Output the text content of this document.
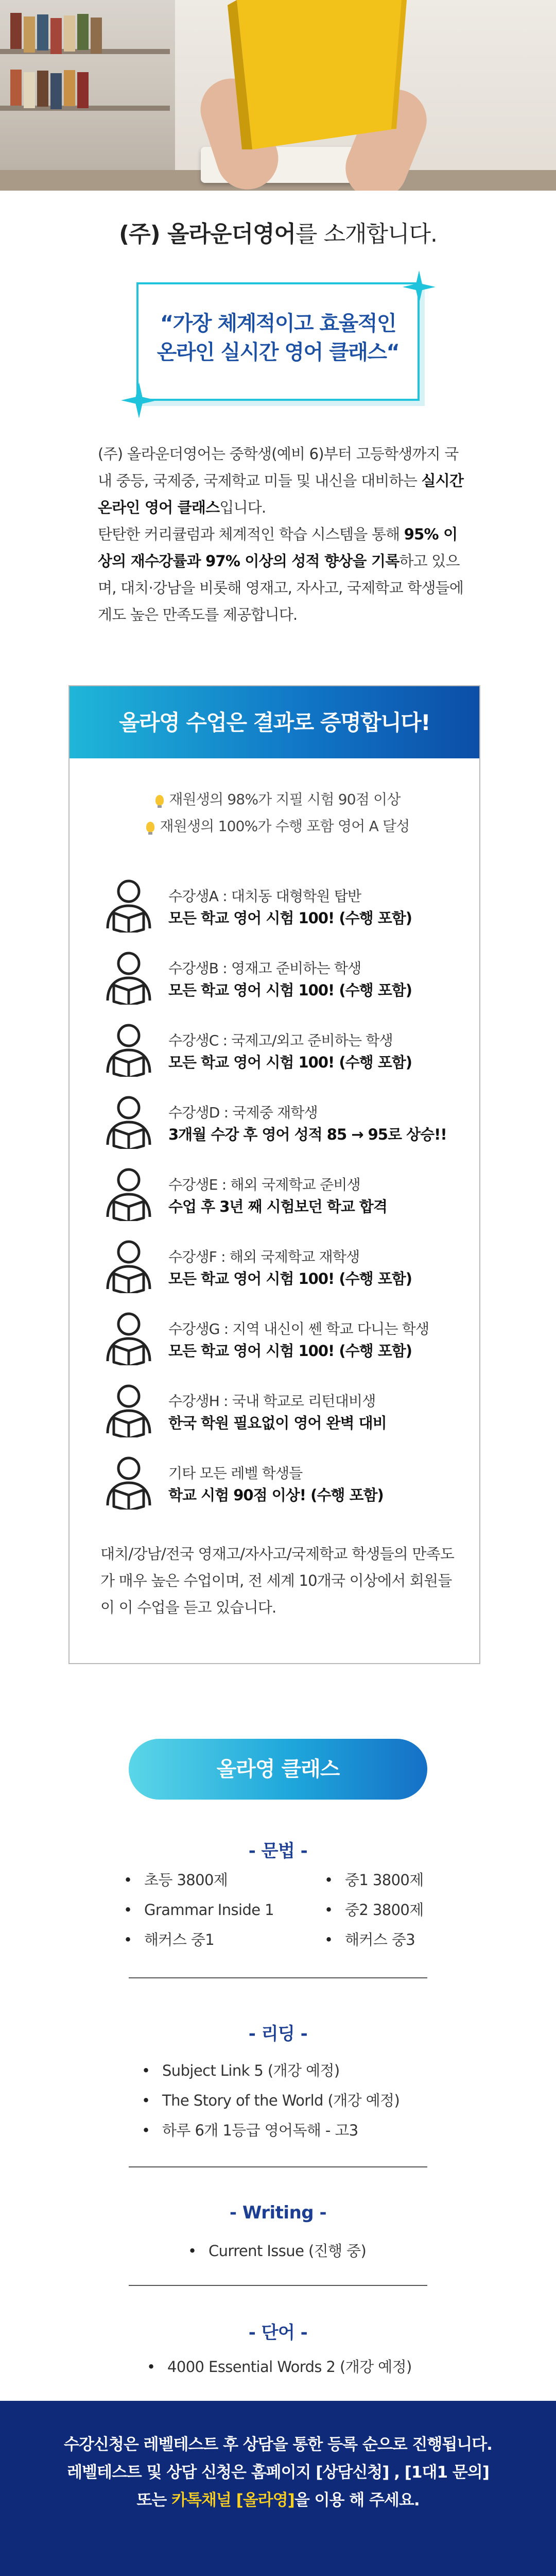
(주) 올라운더영어를 소개합니다.
“가장 체계적이고 효율적인
온라인 실시간 영어 클래스“

(주) 올라운더영어는 중학생(예비 6)부터 고등학생까지 국내 중등, 국제중, 국제학교 미들 및 내신을 대비하는 실시간 온라인 영어 클래스입니다.

탄탄한 커리큘럼과 체계적인 학습 시스템을 통해 95% 이상의 재수강률과 97% 이상의 성적 향상을 기록하고 있으며, 대치·강남을 비롯해 영재고, 자사고, 국제학교 학생들에게도 높은 만족도를 제공합니다.

올라영 수업은 결과로 증명합니다!
재원생의 98%가 지필 시험 90점 이상
재원생의 100%가 수행 포함 영어 A 달성
수강생A : 대치동 대형학원 탑반
모든 학교 영어 시험 100! (수행 포함)
수강생B : 영재고 준비하는 학생
모든 학교 영어 시험 100! (수행 포함)
수강생C : 국제고/외고 준비하는 학생
모든 학교 영어 시험 100! (수행 포함)
수강생D : 국제중 재학생
3개월 수강 후 영어 성적 85 → 95로 상승!!
수강생E : 해외 국제학교 준비생
수업 후 3년 째 시험보던 학교 합격
수강생F : 해외 국제학교 재학생
모든 학교 영어 시험 100! (수행 포함)
수강생G : 지역 내신이 쎈 학교 다니는 학생
모든 학교 영어 시험 100! (수행 포함)
수강생H : 국내 학교로 리턴대비생
한국 학원 필요없이 영어 완벽 대비
기타 모든 레벨 학생들
학교 시험 90점 이상! (수행 포함)
대치/강남/전국 영재고/자사고/국제학교 학생들의 만족도가 매우 높은 수업이며, 전 세계 10개국 이상에서 회원들이 이 수업을 듣고 있습니다.
올라영 클래스
- 문법 -
• 초등 3800제
• Grammar Inside 1
• 해커스 중1
• 중1 3800제
• 중2 3800제
• 해커스 중3
- 리딩 -
• Subject Link 5 (개강 예정)
• The Story of the World (개강 예정)
• 하루 6개 1등급 영어독해 - 고3
- Writing -
• Current Issue (진행 중)
- 단어 -
• 4000 Essential Words 2 (개강 예정)
수강신청은 레벨테스트 후 상담을 통한 등록 순으로 진행됩니다.
레벨테스트 및 상담 신청은 홈페이지 [상담신청] , [1대1 문의]
또는 카톡채널 [올라영]을 이용 해 주세요.
